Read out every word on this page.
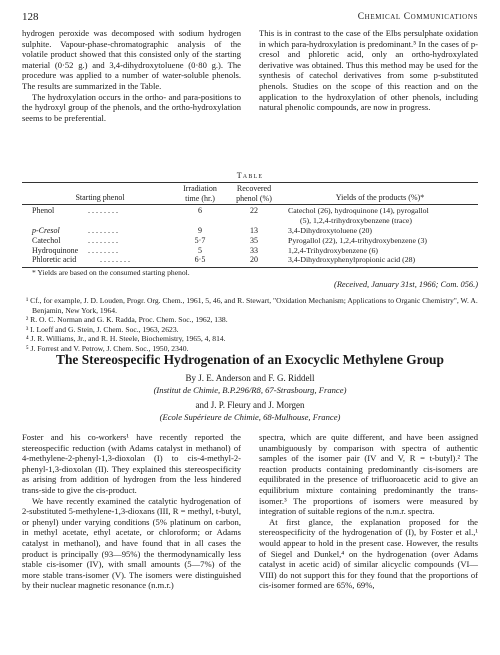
128	Chemical Communications

hydrogen peroxide was decomposed with sodium hydrogen sulphite. Vapour-phase-chromatographic analysis of the volatile product showed that this consisted only of the starting material (0·52 g.) and 3,4-dihydroxytoluene (0·80 g.). The procedure was applied to a number of water-soluble phenols. The results are summarized in the Table.

The hydroxylation occurs in the ortho- and para-positions to the hydroxyl group of the phenols, and the ortho-hydroxylation seems to be preferential.

This is in contrast to the case of the Elbs persulphate oxidation in which para-hydroxylation is predominant.⁵ In the cases of p-cresol and phloretic acid, only an ortho-hydroxylated derivative was obtained. Thus this method may be used for the synthesis of catechol derivatives from some p-substituted phenols. Studies on the scope of this reaction and on the application to the hydroxylation of other phenols, including natural phenolic compounds, are now in progress.

Table
Starting phenol
Irradiation
time (hr.)
Recovered
phenol (%)	Yields of the products (%)*
Phenol	. . . . . . . .	6	22	Catechol (26), hydroquinone (14), pyrogallol
(5), 1,2,4-trihydroxybenzene (trace)
p-Cresol	. . . . . . . .	9	13	3,4-Dihydroxytoluene (20)
Catechol	. . . . . . . .	5·7	35	Pyrogallol (22), 1,2,4-trihydroxybenzene (3)
Hydroquinone . . . . . . . .	5	33	1,2,4-Trihydroxybenzene (6)
Phloretic acid	. . . . . . . .	6·5	20	3,4-Dihydroxyphenylpropionic acid (28)
* Yields are based on the consumed starting phenol.
(Received, January 31st, 1966; Com. 056.)
¹ Cf., for example, J. D. Louden, Progr. Org. Chem., 1961, 5, 46, and R. Stewart, "Oxidation Mechanism; Applications to Organic Chemistry", W. A. Benjamin, New York, 1964.
² R. O. C. Norman and G. K. Radda, Proc. Chem. Soc., 1962, 138.
³ I. Loeff and G. Stein, J. Chem. Soc., 1963, 2623.
⁴ J. R. Williams, Jr., and R. H. Steele, Biochemistry, 1965, 4, 814.
⁵ J. Forrest and V. Petrow, J. Chem. Soc., 1950, 2340.
The Stereospecific Hydrogenation of an Exocyclic Methylene Group
By J. E. Anderson and F. G. Riddell
(Institut de Chimie, B.P.296/R8, 67-Strasbourg, France)
and J. P. Fleury and J. Morgen
(Ecole Supérieure de Chimie, 68-Mulhouse, France)

Foster and his co-workers¹ have recently reported the stereospecific reduction (with Adams catalyst in methanol) of 4-methylene-2-phenyl-1,3-dioxolan (I) to cis-4-methyl-2-phenyl-1,3-dioxolan (II). They explained this stereospecificity as arising from addition of hydrogen from the less hindered trans-side to give the cis-product.

We have recently examined the catalytic hydrogenation of 2-substituted 5-methylene-1,3-dioxans (III, R = methyl, t-butyl, or phenyl) under varying conditions (5% platinum on carbon, in methyl acetate, ethyl acetate, or chloroform; or Adams catalyst in methanol), and have found that in all cases the product is principally (93—95%) the thermodynamically less stable cis-isomer (IV), with small amounts (5—7%) of the more stable trans-isomer (V). The isomers were distinguished by their nuclear magnetic resonance (n.m.r.)

spectra, which are quite different, and have been assigned unambiguously by comparison with spectra of authentic samples of the isomer pair (IV and V, R = t-butyl).² The reaction products containing predominantly cis-isomers are equilibrated in the presence of trifluoroacetic acid to give an equilibrium mixture containing predominantly the trans-isomer.³ The proportions of isomers were measured by integration of suitable regions of the n.m.r. spectra.

At first glance, the explanation proposed for the stereospecificity of the hydrogenation of (I), by Foster et al.,¹ would appear to hold in the present case. However, the results of Siegel and Dunkel,⁴ on the hydrogenation (over Adams catalyst in acetic acid) of similar alicyclic compounds (VI—VIII) do not support this for they found that the proportions of cis-isomer formed are 65%, 69%,
